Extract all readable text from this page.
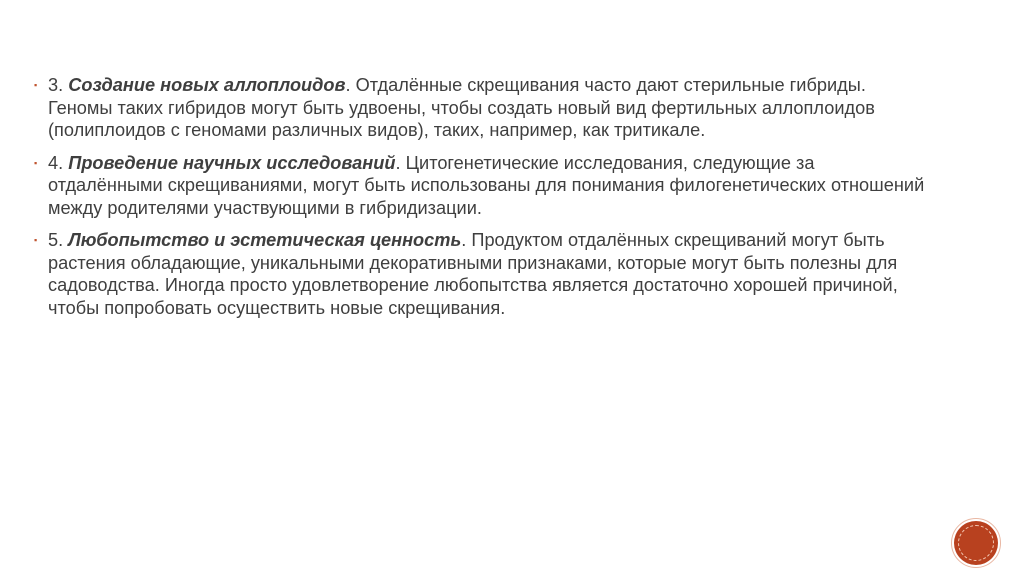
▪ 3. Создание новых аллоплоидов. Отдалённые скрещивания часто дают стерильные гибриды. Геномы таких гибридов могут быть удвоены, чтобы создать новый вид фертильных аллоплоидов (полиплоидов с геномами различных видов), таких, например, как тритикале.
▪ 4. Проведение научных исследований. Цитогенетические исследования, следующие за отдалёнными скрещиваниями, могут быть использованы для понимания филогенетических отношений между родителями участвующими в гибридизации.
▪ 5. Любопытство и эстетическая ценность. Продуктом отдалённых скрещиваний могут быть растения обладающие, уникальными декоративными признаками, которые могут быть полезны для садоводства. Иногда просто удовлетворение любопытства является достаточно хорошей причиной, чтобы попробовать осуществить новые скрещивания.
